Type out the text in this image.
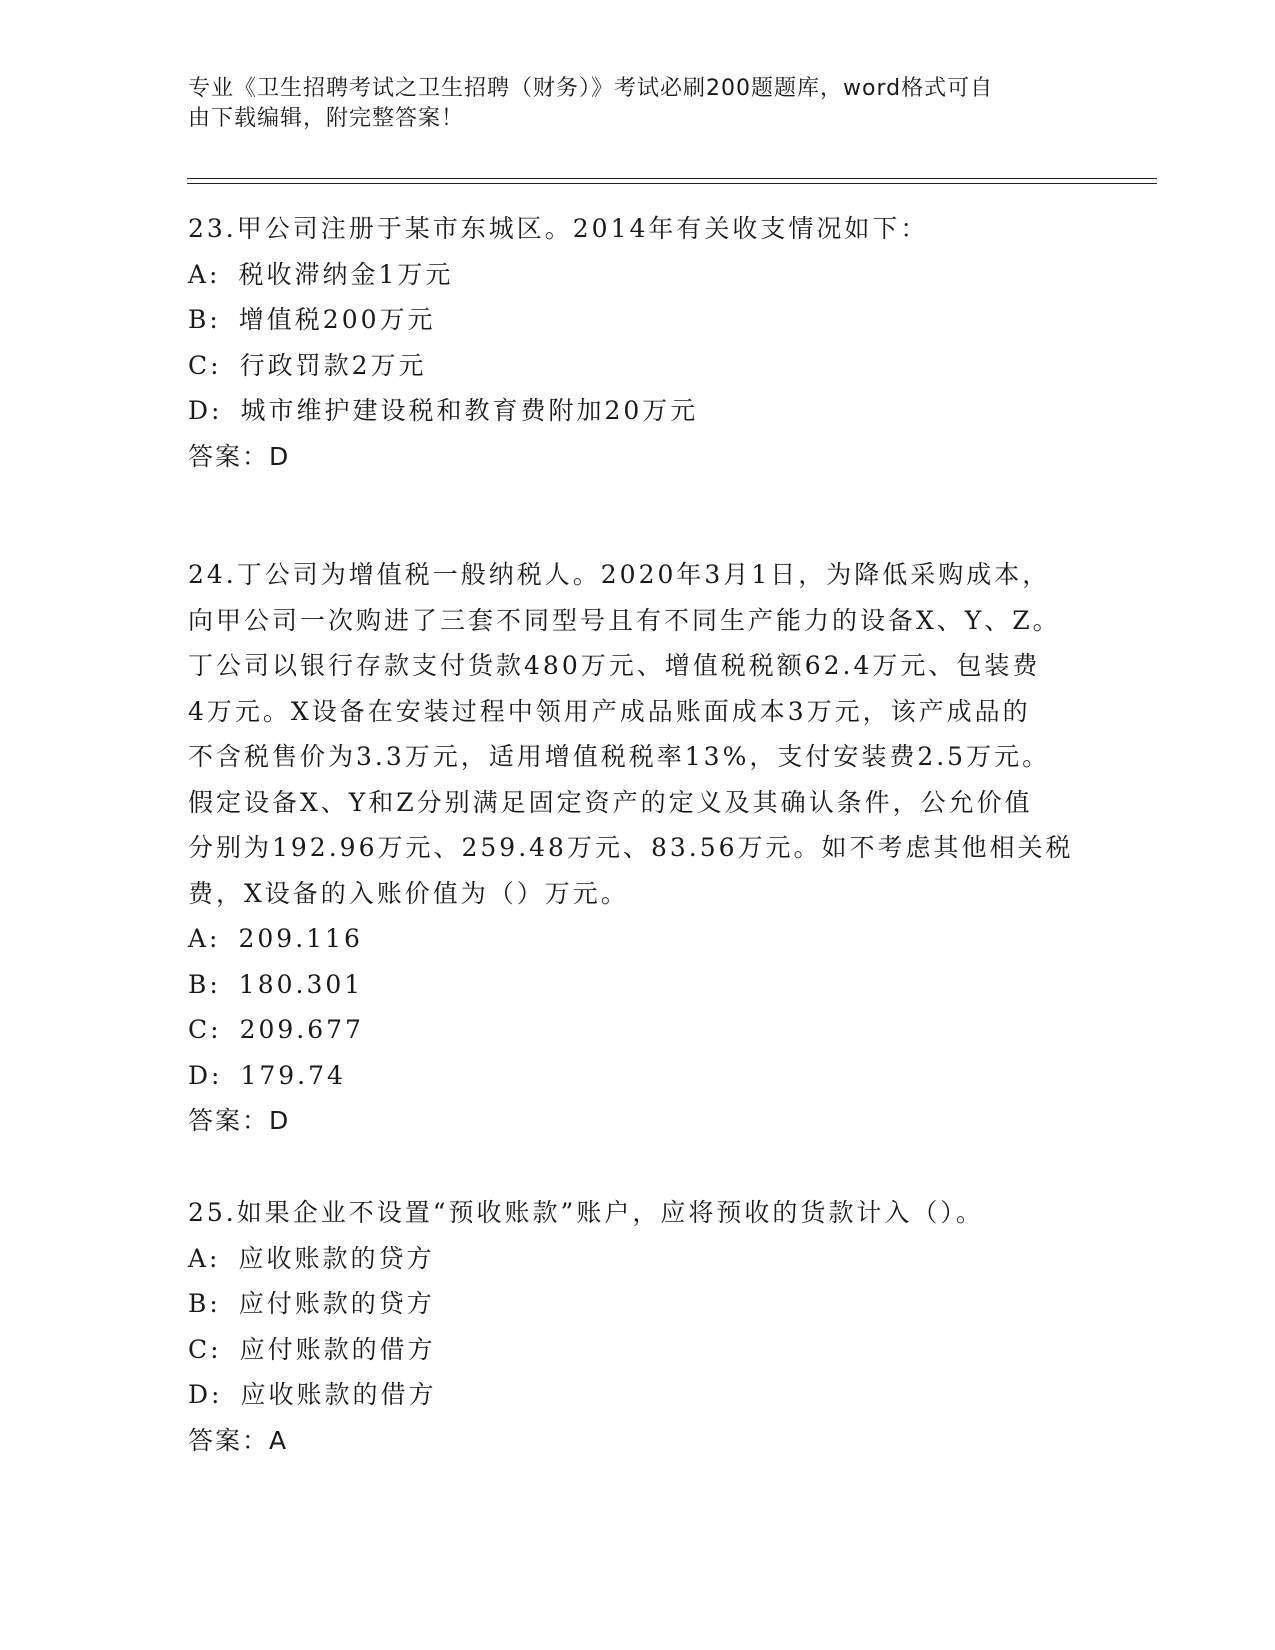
专业《卫生招聘考试之卫生招聘（财务）》考试必刷200题题库，word格式可自
由下载编辑，附完整答案！

23.甲公司注册于某市东城区。2014年有关收支情况如下：

A: 税收滞纳金1万元

B: 增值税200万元

C: 行政罚款2万元

D: 城市维护建设税和教育费附加20万元

答案：D

24.丁公司为增值税一般纳税人。2020年3月1日，为降低采购成本，

向甲公司一次购进了三套不同型号且有不同生产能力的设备X、Y、Z。

丁公司以银行存款支付货款480万元、增值税税额62.4万元、包装费

4万元。X设备在安装过程中领用产成品账面成本3万元，该产成品的

不含税售价为3.3万元，适用增值税税率13%，支付安装费2.5万元。

假定设备X、Y和Z分别满足固定资产的定义及其确认条件，公允价值

分别为192.96万元、259.48万元、83.56万元。如不考虑其他相关税

费，X设备的入账价值为（）万元。

A: 209.116

B: 180.301

C: 209.677

D: 179.74

答案：D

25.如果企业不设置“预收账款”账户，应将预收的货款计入（）。

A: 应收账款的贷方

B: 应付账款的贷方

C: 应付账款的借方

D: 应收账款的借方

答案：A
